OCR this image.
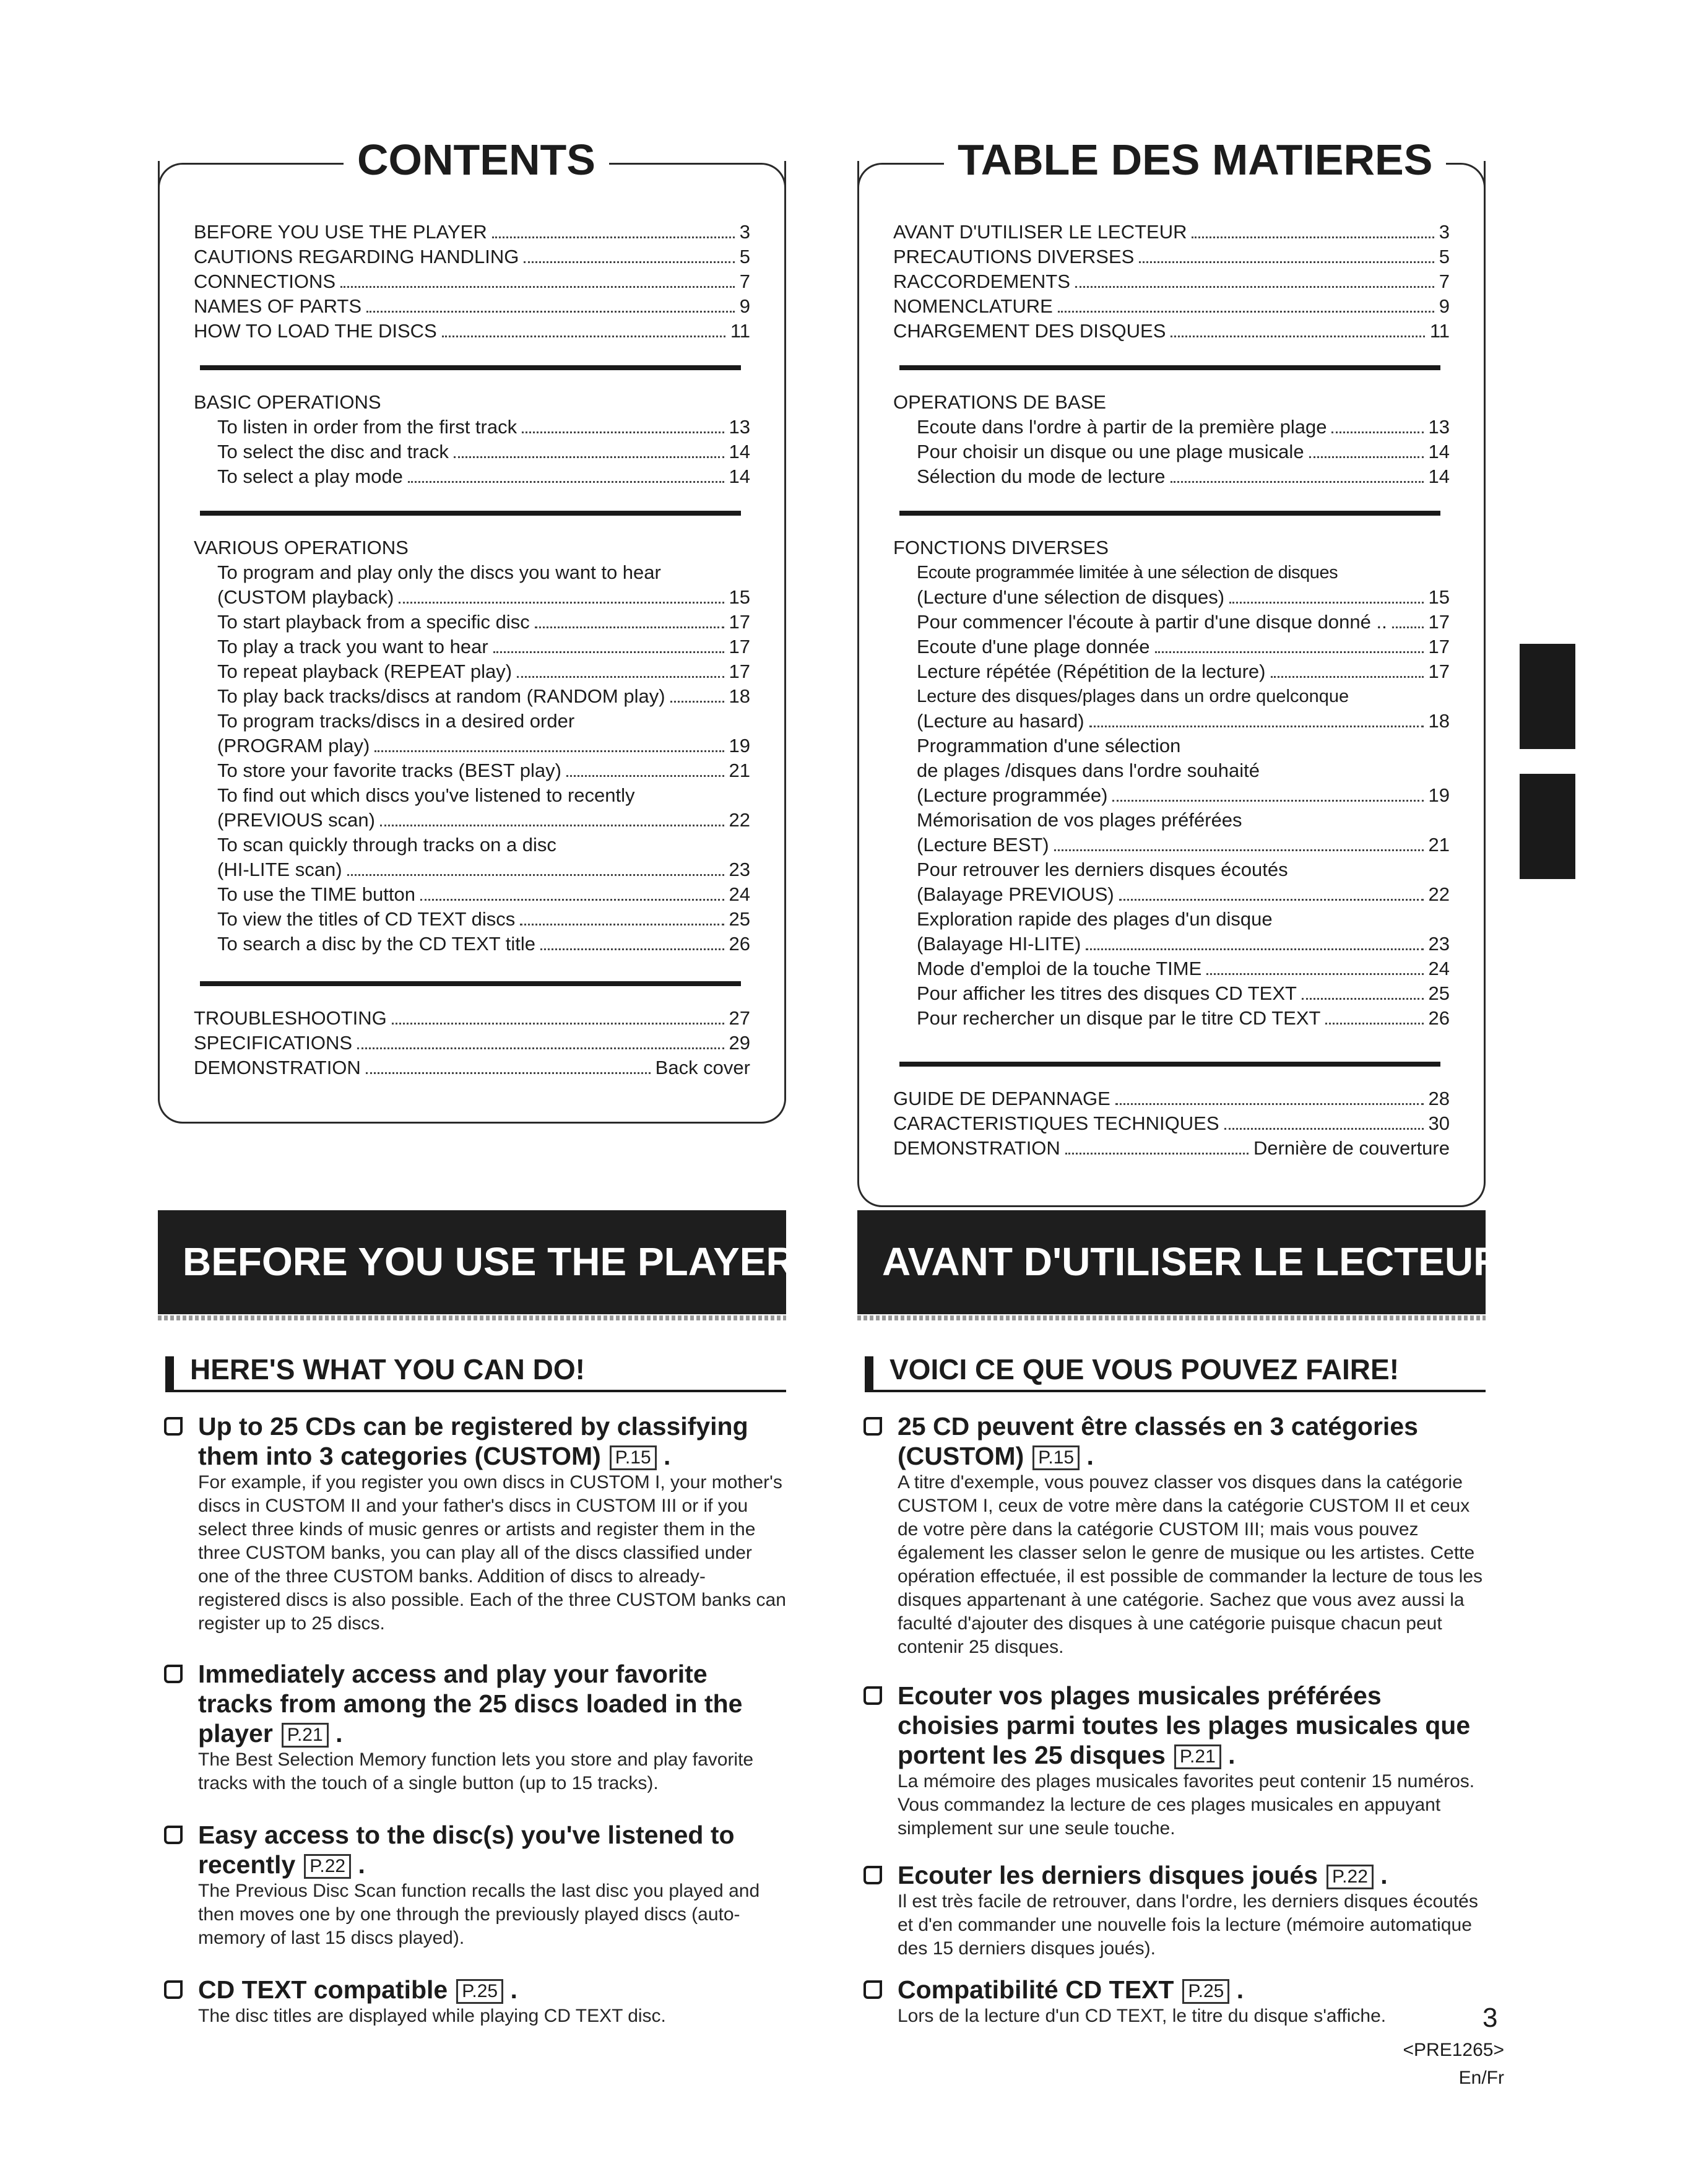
CONTENTS
BEFORE YOU USE THE PLAYER	3
CAUTIONS REGARDING HANDLING	5
CONNECTIONS	7
NAMES OF PARTS	9
HOW TO LOAD THE DISCS	11
BASIC OPERATIONS
To listen in order from the first track	13
To select the disc and track	14
To select a play mode	14
VARIOUS OPERATIONS
To program and play only the discs you want to hear
(CUSTOM playback)	15
To start playback from a specific disc	17
To play a track you want to hear	17
To repeat playback (REPEAT play)	17
To play back tracks/discs at random (RANDOM play)	18
To program tracks/discs in a desired order
(PROGRAM play)	19
To store your favorite tracks (BEST play)	21
To find out which discs you've listened to recently
(PREVIOUS scan)	22
To scan quickly through tracks on a disc
(HI-LITE scan)	23
To use the TIME button	24
To view the titles of CD TEXT discs	25
To search a disc by the CD TEXT title	26
TROUBLESHOOTING	27
SPECIFICATIONS	29
DEMONSTRATION	Back cover
BEFORE YOU USE THE PLAYER
HERE'S WHAT YOU CAN DO!
Up to 25 CDs can be registered by classifying them into 3 categories (CUSTOM) P.15 .
For example, if you register you own discs in CUSTOM I, your mother's discs in CUSTOM II and your father's discs in CUSTOM III or if you select three kinds of music genres or artists and register them in the three CUSTOM banks, you can play all of the discs classified under one of the three CUSTOM banks. Addition of discs to already-registered discs is also possible. Each of the three CUSTOM banks can register up to 25 discs.
Immediately access and play your favorite tracks from among the 25 discs loaded in the player P.21 .
The Best Selection Memory function lets you store and play favorite tracks with the touch of a single button (up to 15 tracks).
Easy access to the disc(s) you've listened to recently P.22 .
The Previous Disc Scan function recalls the last disc you played and then moves one by one through the previously played discs (auto-memory of last 15 discs played).
CD TEXT compatible P.25 .
The disc titles are displayed while playing CD TEXT disc.
TABLE DES MATIERES
AVANT D'UTILISER LE LECTEUR	3
PRECAUTIONS DIVERSES	5
RACCORDEMENTS	7
NOMENCLATURE	9
CHARGEMENT DES DISQUES	11
OPERATIONS DE BASE
Ecoute dans l'ordre à partir de la première plage	13
Pour choisir un disque ou une plage musicale	14
Sélection du mode de lecture	14
FONCTIONS DIVERSES
Ecoute programmée limitée à une sélection de disques
(Lecture d'une sélection de disques)	15
Pour commencer l'écoute à partir d'une disque donné .. 17
Ecoute d'une plage donnée	17
Lecture répétée (Répétition de la lecture)	17
Lecture des disques/plages dans un ordre quelconque
(Lecture au hasard)	18
Programmation d'une sélection
de plages /disques dans l'ordre souhaité
(Lecture programmée)	19
Mémorisation de vos plages préférées
(Lecture BEST)	21
Pour retrouver les derniers disques écoutés
(Balayage PREVIOUS)	22
Exploration rapide des plages d'un disque
(Balayage HI-LITE)	23
Mode d'emploi de la touche TIME	24
Pour afficher les titres des disques CD TEXT	25
Pour rechercher un disque par le titre CD TEXT	26
GUIDE DE DEPANNAGE	28
CARACTERISTIQUES TECHNIQUES	30
DEMONSTRATION	Dernière de couverture
AVANT D'UTILISER LE LECTEUR
VOICI CE QUE VOUS POUVEZ FAIRE!
25 CD peuvent être classés en 3 catégories (CUSTOM) P.15 .
A titre d'exemple, vous pouvez classer vos disques dans la catégorie CUSTOM I, ceux de votre mère dans la catégorie CUSTOM II et ceux de votre père dans la catégorie CUSTOM III; mais vous pouvez également les classer selon le genre de musique ou les artistes. Cette opération effectuée, il est possible de commander la lecture de tous les disques appartenant à une catégorie. Sachez que vous avez aussi la faculté d'ajouter des disques à une catégorie puisque chacun peut contenir 25 disques.
Ecouter vos plages musicales préférées choisies parmi toutes les plages musicales que portent les 25 disques P.21 .
La mémoire des plages musicales favorites peut contenir 15 numéros. Vous commandez la lecture de ces plages musicales en appuyant simplement sur une seule touche.
Ecouter les derniers disques joués P.22 .
Il est très facile de retrouver, dans l'ordre, les derniers disques écoutés et d'en commander une nouvelle fois la lecture (mémoire automatique des 15 derniers disques joués).
Compatibilité CD TEXT P.25 .
Lors de la lecture d'un CD TEXT, le titre du disque s'affiche.	3
<PRE1265>
En/Fr
